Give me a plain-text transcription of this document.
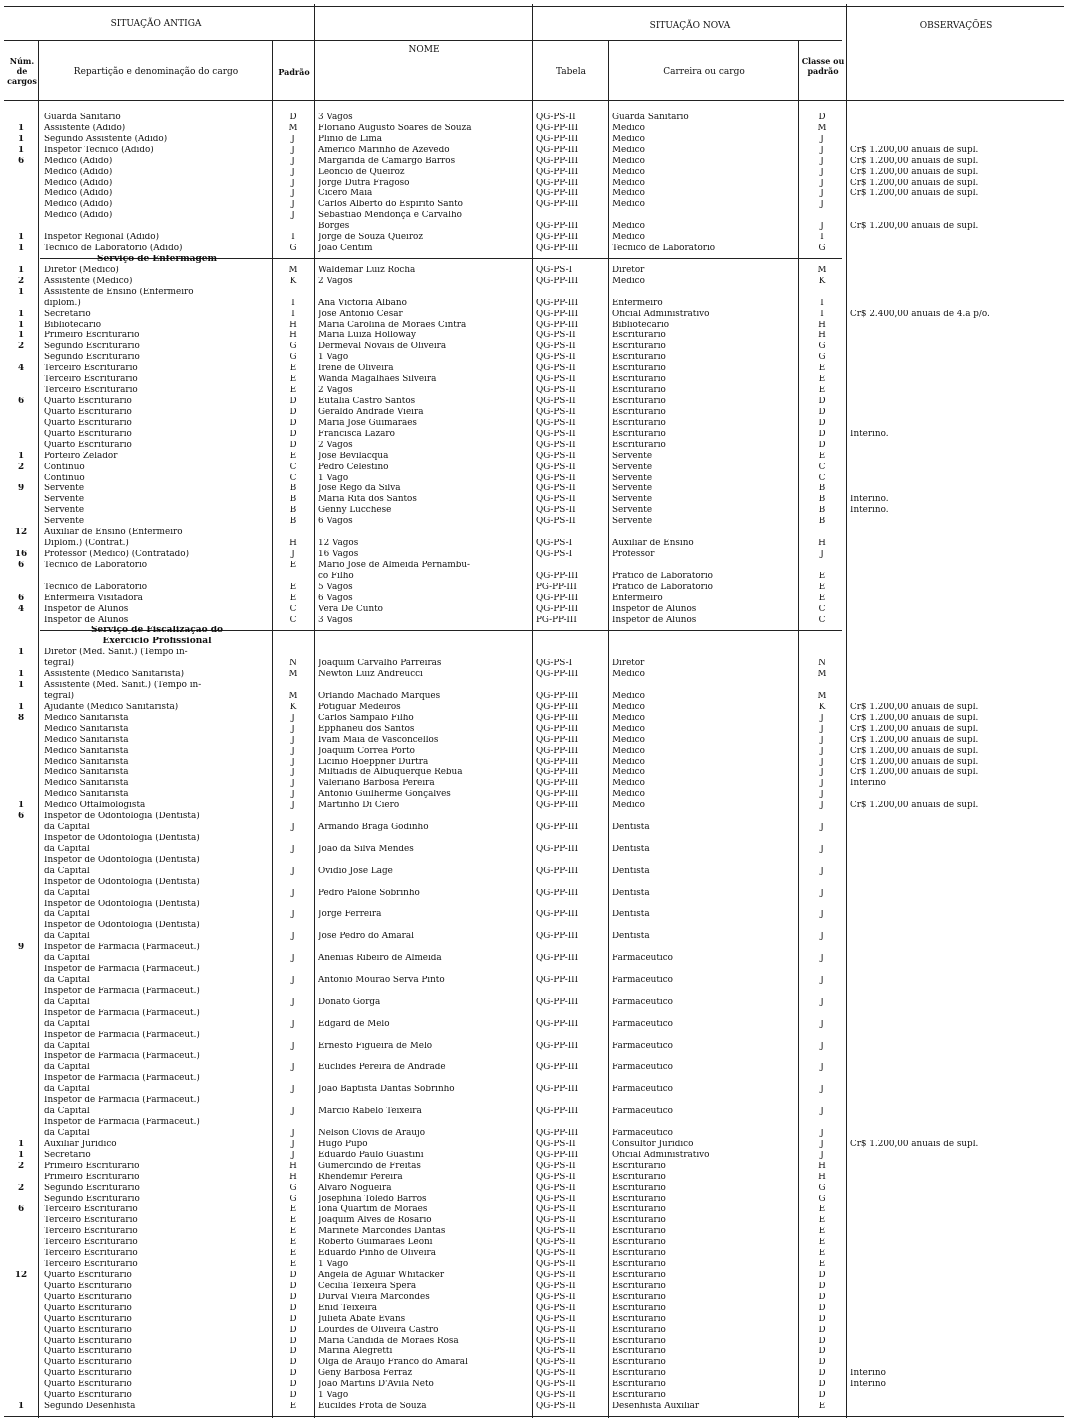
SITUAÇÃO ANTIGA
NOME
SITUAÇÃO NOVA	OBSERVAÇÕES
Núm. de cargos
Repartição e denominação do cargo	Padrão	Tabela	Carreira ou cargo
Classe ou padrão
Guarda Sanitário	D	3 Vagos	QG-PS-II	Guarda Sanitário	D
1	Assistente (Adido)	M	Floriano Augusto Soares de Souza	QG-PP-III	Médico	M
1	Segundo Assistente (Adido)	J	Plinio de Lima	QG-PP-III	Médico	J
1	Inspetor Técnico (Adido)	J	Américo Marinho de Azevedo	QG-PP-III	Médico	J	Cr$ 1.200,00 anuais de supl.
6	Médico (Adido)	J	Margarida de Camargo Barros	QG-PP-III	Médico	J	Cr$ 1.200,00 anuais de supl.
Médico (Adido)	J	Leoncio de Queiroz	QG-PP-III	Médico	J	Cr$ 1.200,00 anuais de supl.
Médico (Adido)	J	Jorge Dutra Fragoso	QG-PP-III	Médico	J	Cr$ 1.200,00 anuais de supl.
Médico (Adido)	J	Cicero Maia	QG-PP-III	Médico	J	Cr$ 1.200,00 anuais de supl.
Médico (Adido)	J	Carlos Alberto do Espirito Santo	QG-PP-III	Médico	J
Médico (Adido)	J	Sebastião Mendonça e Carvalho
Borges	QG-PP-III	Médico	J	Cr$ 1.200,00 anuais de supl.
1	Inspetor Regional (Adido)	I	Jorge de Souza Queiroz	QG-PP-III	Médico	I
1	Técnico de Laboratório (Adido)	G	João Centim	QG-PP-III	Técnico de Laboratório	G
Serviço de Enfermagem
1	Diretor (Médico)	M	Waldemar Luiz Rocha	QG-PS-I	Diretor	M
2	Assistente (Médico)	K	2 Vagos	QG-PP-III	Médico	K
1	Assistente de Ensino (Enfermeiro
diplom.)	I	Ana Victoria Albano	QG-PP-III	Enfermeiro	I
1	Secretário	I	José Antonio Cesar	QG-PP-III	Oficial Administrativo	I	Cr$ 2.400,00 anuais de 4.a p/o.
1	Bibliotecário	H	Maria Carolina de Moraes Cintra	QG-PP-III	Bibliotecário	H
1	Primeiro Escriturário	H	Maria Luiza Holloway	QG-PS-II	Escriturário	H
2	Segundo Escriturário	G	Dermeval Novais de Oliveira	QG-PS-II	Escriturário	G
Segundo Escriturário	G	1 Vago	QG-PS-II	Escriturário	G
4	Terceiro Escriturário	E	Irene de Oliveira	QG-PS-II	Escriturário	E
Terceiro Escriturário	E	Wanda Magalhães Silveira	QG-PS-II	Escriturário	E
Terceiro Escriturário	E	2 Vagos	QG-PS-II	Escriturário	E
6	Quarto Escriturário	D	Eutalia Castro Santos	QG-PS-II	Escriturário	D
Quarto Escriturário	D	Geraldo Andrade Vieira	QG-PS-II	Escriturário	D
Quarto Escriturário	D	Maria José Guimarães	QG-PS-II	Escriturário	D
Quarto Escriturário	D	Francisca Lazaro	QG-PS-II	Escriturário	D	Interino.
Quarto Escriturário	D	2 Vagos	QG-PS-II	Escriturário	D
1	Porteiro Zelador	E	José Bevilacqua	QG-PS-II	Servente	E
2	Contínuo	C	Pedro Celestino	QG-PS-II	Servente	C
Contínuo	C	1 Vago	QG-PS-II	Servente	C
9	Servente	B	José Rego da Silva	QG-PS-II	Servente	B
Servente	B	Maria Rita dos Santos	QG-PS-II	Servente	B	Interino.
Servente	B	Genny Lucchese	QG-PS-II	Servente	B	Interino.
Servente	B	6 Vagos	QG-PS-II	Servente	B
12	Auxiliar de Ensino (Enfermeiro
Diplom.) (Contrat.)	H	12 Vagos	QG-PS-I	Auxiliar de Ensino	H
16	Professor (Médico) (Contratado)	J	16 Vagos	QG-PS-I	Professor	J
6	Técnico de Laboratório	E	Mario José de Almeida Pernambu-
co Filho	QG-PP-III	Prático de Laboratório	E
Técnico de Laboratório	E	5 Vagos	PG-PP-III	Prático de Laboratório	E
6	Enfermeira Visitadora	E	6 Vagos	QG-PP-III	Enfermeiro	E
4	Inspetor de Alunos	C	Vera De Cunto	QG-PP-III	Inspetor de Alunos	C
Inspetor de Alunos	C	3 Vagos	PG-PP-III	Inspetor de Alunos	C
Serviço de Fiscalização do
Exercício Profissional
1	Diretor (Méd. Sanit.) (Tempo in-
tegral)	N	Joaquim Carvalho Parreiras	QG-PS-I	Diretor	N
1	Assistente (Médico Sanitarista)	M	Newton Luiz Andreucci	QG-PP-III	Médico	M
1	Assistente (Méd. Sanit.) (Tempo in-
tegral)	M	Orlando Machado Marques	QG-PP-III	Médico	M
1	Ajudante (Médico Sanitarista)	K	Potiguar Medeiros	QG-PP-III	Médico	K	Cr$ 1.200,00 anuais de supl.
8	Médico Sanitarista	J	Carlos Sampaio Filho	QG-PP-III	Médico	J	Cr$ 1.200,00 anuais de supl.
Médico Sanitarista	J	Epphaneu dos Santos	QG-PP-III	Médico	J	Cr$ 1.200,00 anuais de supl.
Médico Sanitarista	J	Ivam Maia de Vasconcellos	QG-PP-III	Médico	J	Cr$ 1.200,00 anuais de supl.
Médico Sanitarista	J	Joaquim Corrêa Porto	QG-PP-III	Médico	J	Cr$ 1.200,00 anuais de supl.
Médico Sanitarista	J	Licinio Hoeppner Durtra	QG-PP-III	Médico	J	Cr$ 1.200,00 anuais de supl.
Médico Sanitarista	J	Miltiadis de Albuquerque Rebuá	QG-PP-III	Médico	J	Cr$ 1.200,00 anuais de supl.
Médico Sanitarista	J	Valeriano Barbosa Pereira	QG-PP-III	Médico	J	Interino
Médico Sanitarista	J	Antonio Guilherme Gonçalves	QG-PP-III	Médico	J
1	Médico Oftalmologista	J	Martinho Di Ciero	QG-PP-III	Médico	J	Cr$ 1.200,00 anuais de supl.
6	Inspetor de Odontologia (Dentista)
da Capital	J	Armando Braga Godinho	QG-PP-III	Dentista	J
Inspetor de Odontologia (Dentista)
da Capital	J	João da Silva Mendes	QG-PP-III	Dentista	J
Inspetor de Odontologia (Dentista)
da Capital	J	Ovidio José Lage	QG-PP-III	Dentista	J
Inspetor de Odontologia (Dentista)
da Capital	J	Pedro Palone Sobrinho	QG-PP-III	Dentista	J
Inspetor de Odontologia (Dentista)
da Capital	J	Jorge Ferreira	QG-PP-III	Dentista	J
Inspetor de Odontologia (Dentista)
da Capital	J	José Pedro do Amaral	QG-PP-III	Dentista	J
9	Inspetor de Farmácia (Farmacêut.)
da Capital	J	Anenias Ribeiro de Almeida	QG-PP-III	Farmacêutico	J
Inspetor de Farmácia (Farmacêut.)
da Capital	J	Antonio Mourão Serva Pinto	QG-PP-III	Farmacêutico	J
Inspetor de Farmácia (Farmacêut.)
da Capital	J	Donato Gorga	QG-PP-III	Farmacêutico	J
Inspetor de Farmácia (Farmacêut.)
da Capital	J	Edgard de Melo	QG-PP-III	Farmacêutico	J
Inspetor de Farmácia (Farmacêut.)
da Capital	J	Ernesto Figueira de Melo	QG-PP-III	Farmacêutico	J
Inspetor de Farmácia (Farmacêut.)
da Capital	J	Euclides Pereira de Andrade	QG-PP-III	Farmacêutico	J
Inspetor de Farmácia (Farmacêut.)
da Capital	J	João Baptista Dantas Sobrinho	QG-PP-III	Farmacêutico	J
Inspetor de Farmácia (Farmacêut.)
da Capital	J	Marcio Rabelo Teixeira	QG-PP-III	Farmacêutico	J
Inspetor de Farmácia (Farmacêut.)
da Capital	J	Nelson Clovis de Araujo	QG-PP-III	Farmacêutico	J
1	Auxiliar Jurídico	J	Hugo Pupo	QG-PS-II	Consultor Jurídico	J	Cr$ 1.200,00 anuais de supl.
1	Secretário	J	Eduardo Paulo Guastini	QG-PP-III	Oficial Administrativo	J
2	Primeiro Escriturário	H	Gumercindo de Freitas	QG-PS-II	Escriturário	H
Primeiro Escriturário	H	Rhendemir Pereira	QG-PS-II	Escriturário	H
2	Segundo Escriturário	G	Alvaro Nogueira	QG-PS-II	Escriturário	G
Segundo Escriturário	G	Josephina Toledo Barros	QG-PS-II	Escriturário	G
6	Terceiro Escriturário	E	Iona Quartim de Moraes	QG-PS-II	Escriturário	E
Terceiro Escriturário	E	Joaquim Alves de Rosario	QG-PS-II	Escriturário	E
Terceiro Escriturário	E	Marinete Marcondes Dantas	QG-PS-II	Escriturário	E
Terceiro Escriturário	E	Roberto Guimarães Leoni	QG-PS-II	Escriturário	E
Terceiro Escriturário	E	Eduardo Pinho de Oliveira	QG-PS-II	Escriturário	E
Terceiro Escriturário	E	1 Vago	QG-PS-II	Escriturário	E
12	Quarto Escriturário	D	Angela de Aguiar Whitacker	QG-PS-II	Escriturário	D
Quarto Escriturário	D	Cecilia Teixeira Spera	QG-PS-II	Escriturário	D
Quarto Escriturário	D	Durval Vieira Marcondes	QG-PS-II	Escriturário	D
Quarto Escriturário	D	Enid Teixeira	QG-PS-II	Escriturário	D
Quarto Escriturário	D	Julieta Abate Evans	QG-PS-II	Escriturário	D
Quarto Escriturário	D	Lourdes de Oliveira Castro	QG-PS-II	Escriturário	D
Quarto Escriturário	D	Maria Candida de Moraes Rosa	QG-PS-II	Escriturário	D
Quarto Escriturário	D	Marina Alegretti	QG-PS-II	Escriturário	D
Quarto Escriturário	D	Olga de Araujo Franco do Amaral	QG-PS-II	Escriturário	D
Quarto Escriturário	D	Geny Barbosa Ferraz	QG-PS-II	Escriturário	D	Interino
Quarto Escriturário	D	João Martins D'Avila Neto	QG-PS-II	Escriturário	D	Interino
Quarto Escriturário	D	1 Vago	QG-PS-II	Escriturário	D
1	Segundo Desenhista	E	Eucildes Frota de Souza	QG-PS-II	Desenhista Auxiliar	E
